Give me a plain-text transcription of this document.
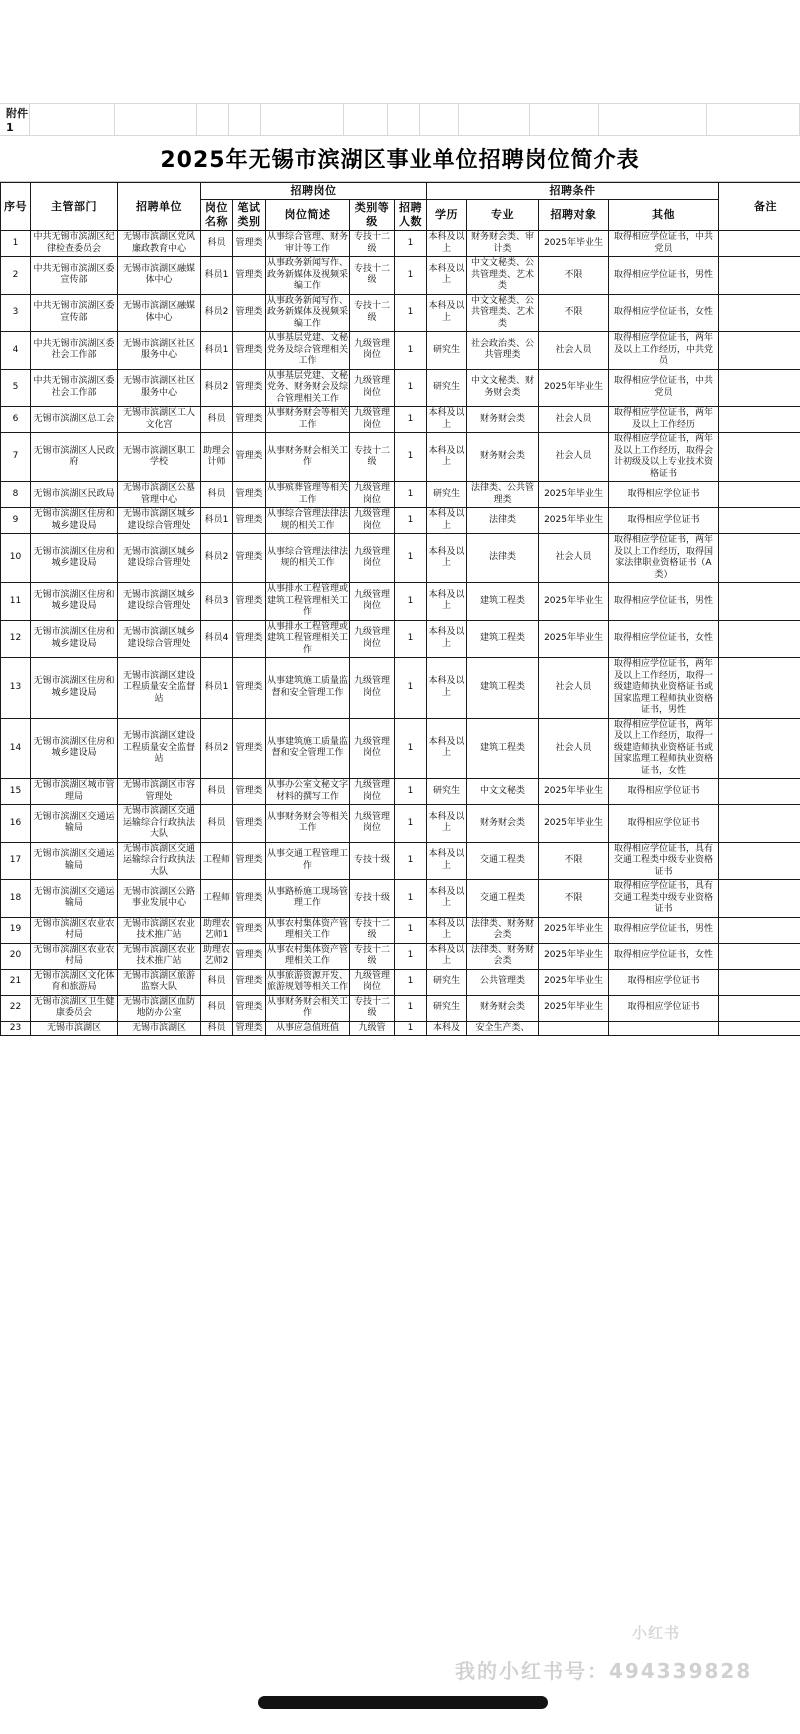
附件1
2025年无锡市滨湖区事业单位招聘岗位简介表
序号	主管部门	招聘单位	招聘岗位					招聘条件				备注
			岗位名称	笔试类别	岗位简述	类别等级	招聘人数	学历	专业	招聘对象	其他	
1	中共无锡市滨湖区纪律检查委员会	无锡市滨湖区党风廉政教育中心	科员	管理类	从事综合管理、财务审计等工作	专技十二级	1	本科及以上	财务财会类、审计类	2025年毕业生	取得相应学位证书，中共党员	
2	中共无锡市滨湖区委宣传部	无锡市滨湖区融媒体中心	科员1	管理类	从事政务新闻写作、政务新媒体及视频采编工作	专技十二级	1	本科及以上	中文文秘类、公共管理类、艺术类	不限	取得相应学位证书，男性	
3	中共无锡市滨湖区委宣传部	无锡市滨湖区融媒体中心	科员2	管理类	从事政务新闻写作、政务新媒体及视频采编工作	专技十二级	1	本科及以上	中文文秘类、公共管理类、艺术类	不限	取得相应学位证书，女性	
4	中共无锡市滨湖区委社会工作部	无锡市滨湖区社区服务中心	科员1	管理类	从事基层党建、文秘党务及综合管理相关工作	九级管理岗位	1	研究生	社会政治类、公共管理类	社会人员	取得相应学位证书，两年及以上工作经历，中共党员	
5	中共无锡市滨湖区委社会工作部	无锡市滨湖区社区服务中心	科员2	管理类	从事基层党建、文秘党务、财务财会及综合管理相关工作	九级管理岗位	1	研究生	中文文秘类、财务财会类	2025年毕业生	取得相应学位证书，中共党员	
6	无锡市滨湖区总工会	无锡市滨湖区工人文化宫	科员	管理类	从事财务财会等相关工作	九级管理岗位	1	本科及以上	财务财会类	社会人员	取得相应学位证书，两年及以上工作经历	
7	无锡市滨湖区人民政府	无锡市滨湖区职工学校	助理会计师	管理类	从事财务财会相关工作	专技十二级	1	本科及以上	财务财会类	社会人员	取得相应学位证书，两年及以上工作经历，取得会计初级及以上专业技术资格证书	
8	无锡市滨湖区民政局	无锡市滨湖区公墓管理中心	科员	管理类	从事殡葬管理等相关工作	九级管理岗位	1	研究生	法律类、公共管理类	2025年毕业生	取得相应学位证书	
9	无锡市滨湖区住房和城乡建设局	无锡市滨湖区城乡建设综合管理处	科员1	管理类	从事综合管理法律法规的相关工作	九级管理岗位	1	本科及以上	法律类	2025年毕业生	取得相应学位证书	
10	无锡市滨湖区住房和城乡建设局	无锡市滨湖区城乡建设综合管理处	科员2	管理类	从事综合管理法律法规的相关工作	九级管理岗位	1	本科及以上	法律类	社会人员	取得相应学位证书，两年及以上工作经历，取得国家法律职业资格证书（A类）	
11	无锡市滨湖区住房和城乡建设局	无锡市滨湖区城乡建设综合管理处	科员3	管理类	从事排水工程管理或建筑工程管理相关工作	九级管理岗位	1	本科及以上	建筑工程类	2025年毕业生	取得相应学位证书，男性	
12	无锡市滨湖区住房和城乡建设局	无锡市滨湖区城乡建设综合管理处	科员4	管理类	从事排水工程管理或建筑工程管理相关工作	九级管理岗位	1	本科及以上	建筑工程类	2025年毕业生	取得相应学位证书，女性	
13	无锡市滨湖区住房和城乡建设局	无锡市滨湖区建设工程质量安全监督站	科员1	管理类	从事建筑施工质量监督和安全管理工作	九级管理岗位	1	本科及以上	建筑工程类	社会人员	取得相应学位证书，两年及以上工作经历，取得一级建造师执业资格证书或国家监理工程师执业资格证书，男性	
14	无锡市滨湖区住房和城乡建设局	无锡市滨湖区建设工程质量安全监督站	科员2	管理类	从事建筑施工质量监督和安全管理工作	九级管理岗位	1	本科及以上	建筑工程类	社会人员	取得相应学位证书，两年及以上工作经历，取得一级建造师执业资格证书或国家监理工程师执业资格证书，女性	
15	无锡市滨湖区城市管理局	无锡市滨湖区市容管理处	科员	管理类	从事办公室文秘文字材料的撰写工作	九级管理岗位	1	研究生	中文文秘类	2025年毕业生	取得相应学位证书	
16	无锡市滨湖区交通运输局	无锡市滨湖区交通运输综合行政执法大队	科员	管理类	从事财务财会等相关工作	九级管理岗位	1	本科及以上	财务财会类	2025年毕业生	取得相应学位证书	
17	无锡市滨湖区交通运输局	无锡市滨湖区交通运输综合行政执法大队	工程师	管理类	从事交通工程管理工作	专技十级	1	本科及以上	交通工程类	不限	取得相应学位证书，具有交通工程类中级专业资格证书	
18	无锡市滨湖区交通运输局	无锡市滨湖区公路事业发展中心	工程师	管理类	从事路桥施工现场管理工作	专技十级	1	本科及以上	交通工程类	不限	取得相应学位证书，具有交通工程类中级专业资格证书	
19	无锡市滨湖区农业农村局	无锡市滨湖区农业技术推广站	助理农艺师1	管理类	从事农村集体资产管理相关工作	专技十二级	1	本科及以上	法律类、财务财会类	2025年毕业生	取得相应学位证书，男性	
20	无锡市滨湖区农业农村局	无锡市滨湖区农业技术推广站	助理农艺师2	管理类	从事农村集体资产管理相关工作	专技十二级	1	本科及以上	法律类、财务财会类	2025年毕业生	取得相应学位证书，女性	
21	无锡市滨湖区文化体育和旅游局	无锡市滨湖区旅游监察大队	科员	管理类	从事旅游资源开发、旅游规划等相关工作	九级管理岗位	1	研究生	公共管理类	2025年毕业生	取得相应学位证书	
22	无锡市滨湖区卫生健康委员会	无锡市滨湖区血防地防办公室	科员	管理类	从事财务财会相关工作	专技十二级	1	研究生	财务财会类	2025年毕业生	取得相应学位证书	
23	无锡市滨湖区	无锡市滨湖区	科员	管理类	从事应急值班值	九级管	1	本科及	安全生产类、			
小红书
我的小红书号：494339828
